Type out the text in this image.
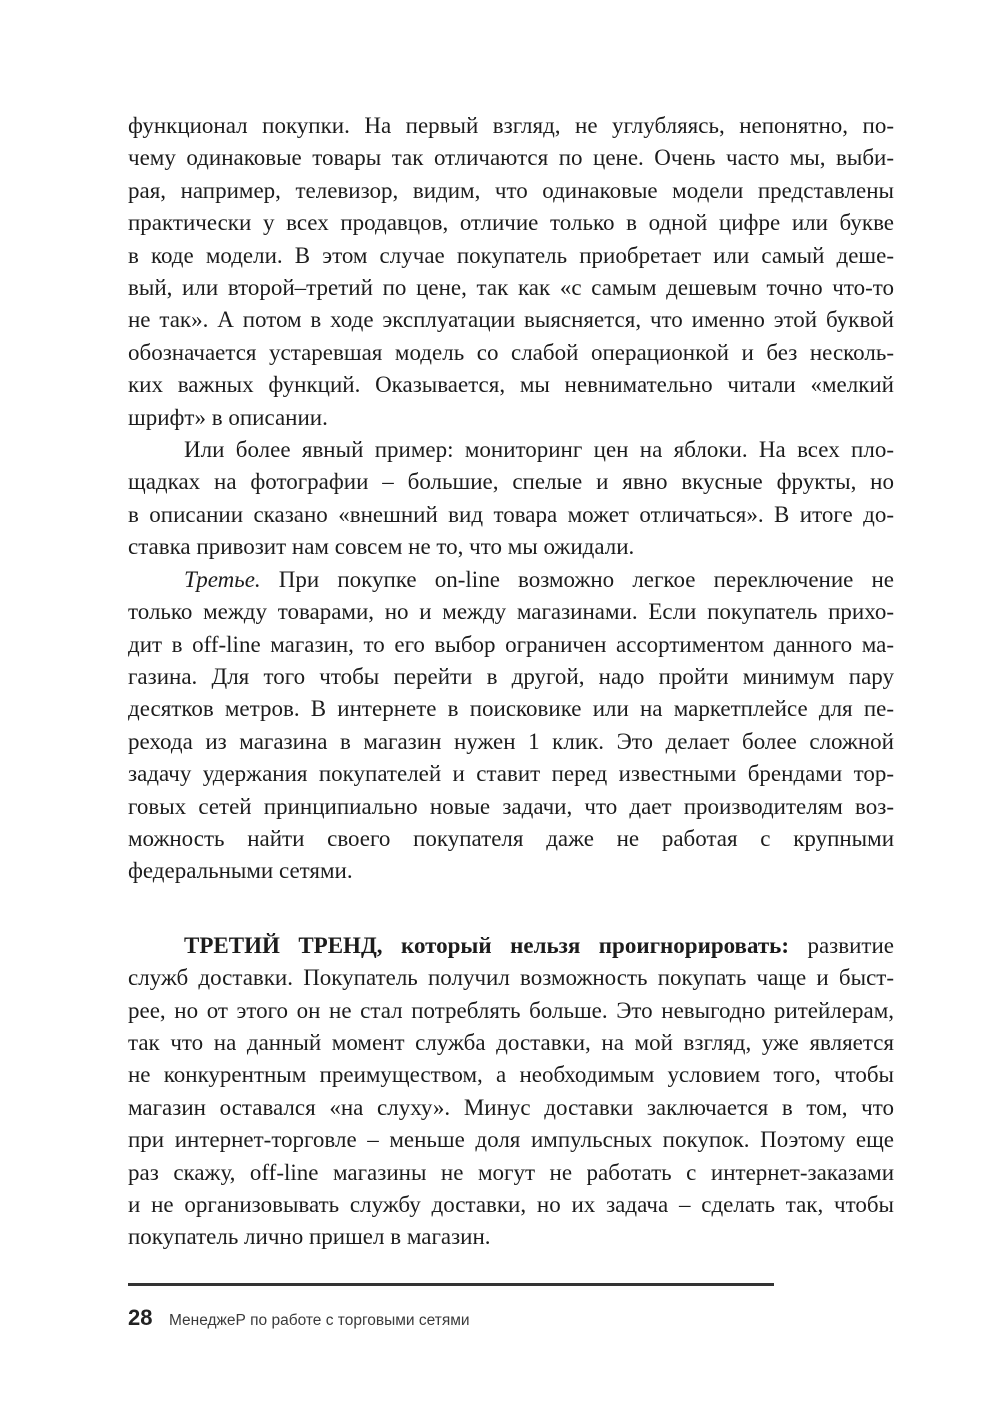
функционал покупки. На первый взгляд, не углубляясь, непонятно, по-
чему одинаковые товары так отличаются по цене. Очень часто мы, выби-
рая, например, телевизор, видим, что одинаковые модели представлены
практически у всех продавцов, отличие только в одной цифре или букве
в коде модели. В этом случае покупатель приобретает или самый деше-
вый, или второй–третий по цене, так как «с самым дешевым точно что-то
не так». А потом в ходе эксплуатации выясняется, что именно этой буквой
обозначается устаревшая модель со слабой операционкой и без несколь-
ких важных функций. Оказывается, мы невнимательно читали «мелкий
шрифт» в описании.

Или более явный пример: мониторинг цен на яблоки. На всех пло-
щадках на фотографии – большие, спелые и явно вкусные фрукты, но
в описании сказано «внешний вид товара может отличаться». В итоге до-
ставка привозит нам совсем не то, что мы ожидали.

Третье. При покупке on-line возможно легкое переключение не
только между товарами, но и между магазинами. Если покупатель прихо-
дит в off-line магазин, то его выбор ограничен ассортиментом данного ма-
газина. Для того чтобы перейти в другой, надо пройти минимум пару
десятков метров. В интернете в поисковике или на маркетплейсе для пе-
рехода из магазина в магазин нужен 1 клик. Это делает более сложной
задачу удержания покупателей и ставит перед известными брендами тор-
говых сетей принципиально новые задачи, что дает производителям воз-
можность найти своего покупателя даже не работая с крупными
федеральными сетями.

ТРЕТИЙ ТРЕНД, который нельзя проигнорировать: развитие
служб доставки. Покупатель получил возможность покупать чаще и быст-
рее, но от этого он не стал потреблять больше. Это невыгодно ритейлерам,
так что на данный момент служба доставки, на мой взгляд, уже является
не конкурентным преимуществом, а необходимым условием того, чтобы
магазин оставался «на слуху». Минус доставки заключается в том, что
при интернет-торговле – меньше доля импульсных покупок. Поэтому еще
раз скажу, off-line магазины не могут не работать с интернет-заказами
и не организовывать службу доставки, но их задача – сделать так, чтобы
покупатель лично пришел в магазин.

28 МенеджеР по работе с торговыми сетями
